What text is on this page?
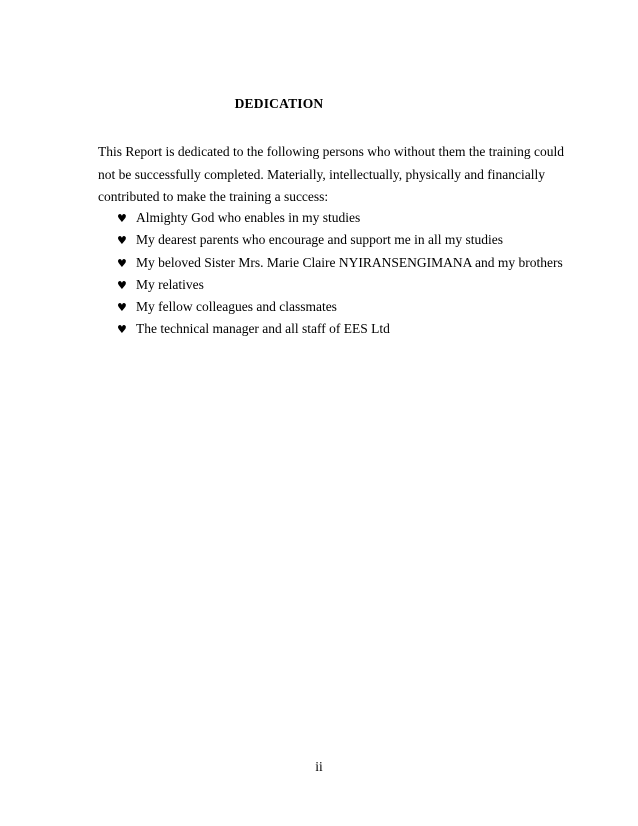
DEDICATION
This Report is dedicated to the following persons who without them the training could not be successfully completed. Materially, intellectually, physically and financially contributed to make the training a success:
♥ Almighty God who enables in my studies
♥ My dearest parents who encourage and support me in all my studies
♥ My beloved Sister Mrs. Marie Claire NYIRANSENGIMANA and my brothers
♥ My relatives
♥ My fellow colleagues and classmates
♥ The technical manager and all staff of EES Ltd
ii
